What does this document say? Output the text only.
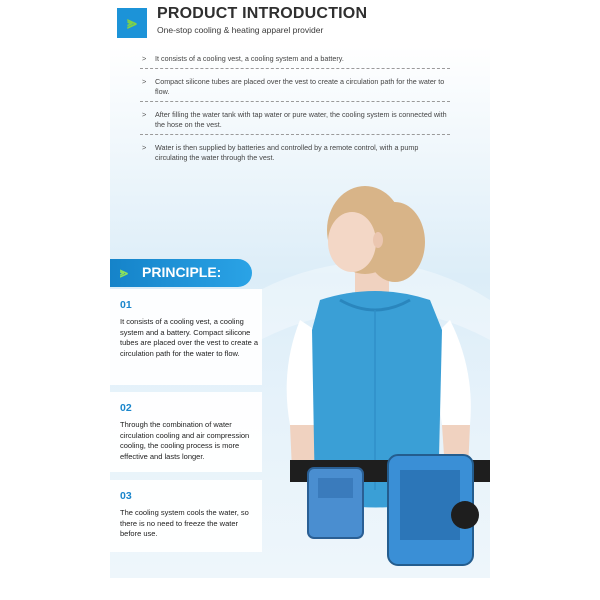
⪢ PRODUCT INTRODUCTION
One-stop cooling & heating apparel provider
> It consists of a cooling vest, a cooling system and a battery.
> Compact silicone tubes are placed over the vest to create a circulation path for the water to flow.
> After filling the water tank with tap water or pure water, the cooling system is connected with the hose on the vest.
> Water is then supplied by batteries and controlled by a remote control, with a pump circulating the water through the vest.
⪢ PRINCIPLE:
01
It consists of a cooling vest, a cooling system and a battery. Compact silicone tubes are placed over the vest to create a circulation path for the water to flow.
02
Through the combination of water circulation cooling and air compression cooling, the cooling process is more effective and lasts longer.
03
The cooling system cools the water, so there is no need to freeze the water before use.
